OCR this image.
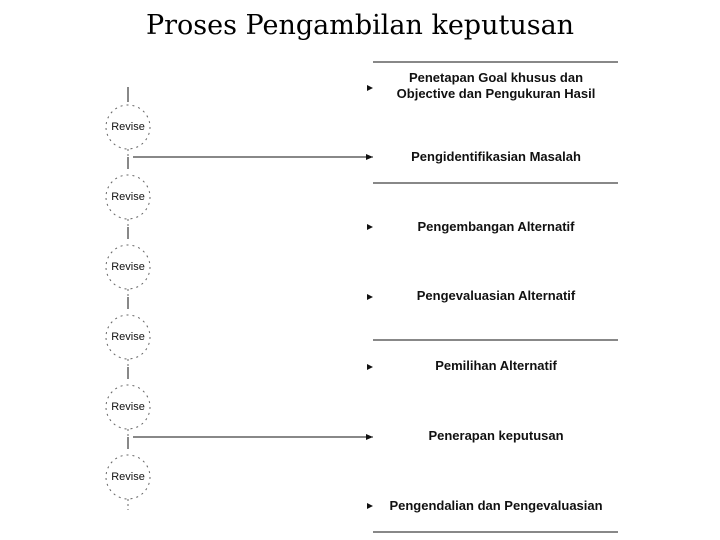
Proses Pengambilan keputusan
Penetapan Goal khusus dan Objective dan Pengukuran Hasil
Pengidentifikasian Masalah
Pengembangan Alternatif
Pengevaluasian Alternatif
Pemilihan Alternatif
Penerapan keputusan
Pengendalian dan Pengevaluasian
Revise
Revise
Revise
Revise
Revise
Revise
